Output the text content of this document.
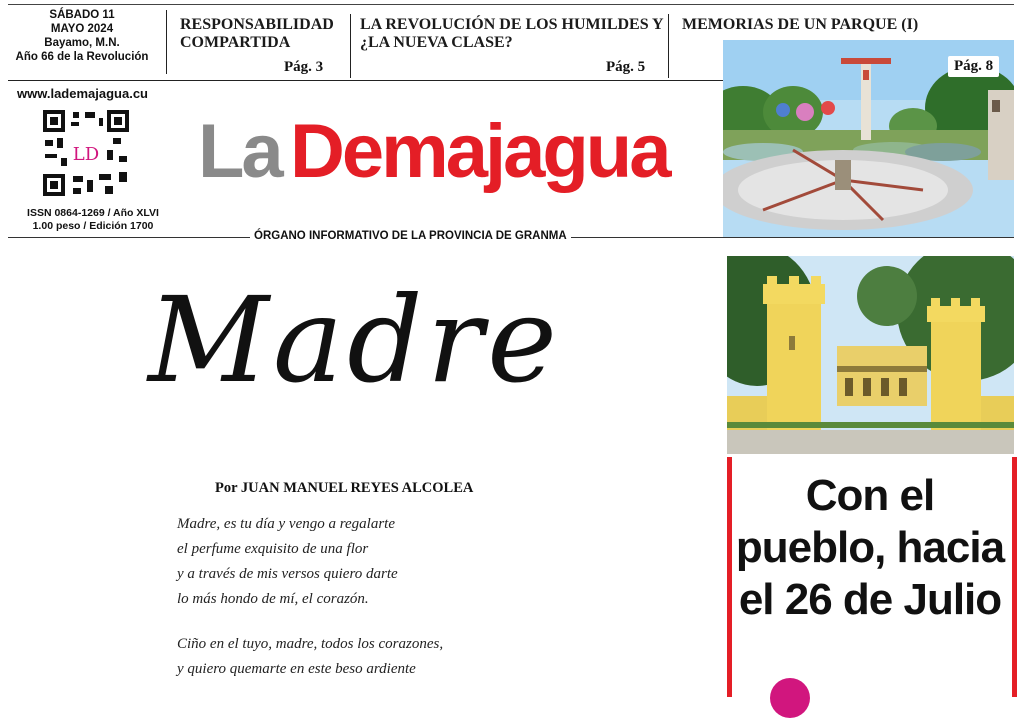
SÁBADO 11
MAYO 2024
Bayamo, M.N.
Año 66 de la Revolución
RESPONSABILIDAD COMPARTIDA
Pág. 3
LA REVOLUCIÓN DE LOS HUMILDES Y ¿LA NUEVA CLASE?
Pág. 5
MEMORIAS DE UN PARQUE (I)
Pág. 8
www.lademajagua.cu
LD
ISSN 0864-1269 / Año XLVI
1.00 peso / Edición 1700
La Demajagua
ÓRGANO INFORMATIVO DE LA PROVINCIA DE GRANMA
Madre
Por JUAN MANUEL REYES ALCOLEA
Madre, es tu día y vengo a regalarte
el perfume exquisito de una flor
y a través de mis versos quiero darte
lo más hondo de mí, el corazón.
Ciño en el tuyo, madre, todos los corazones,
y quiero quemarte en este beso ardiente
Con el pueblo, hacia el 26 de Julio
